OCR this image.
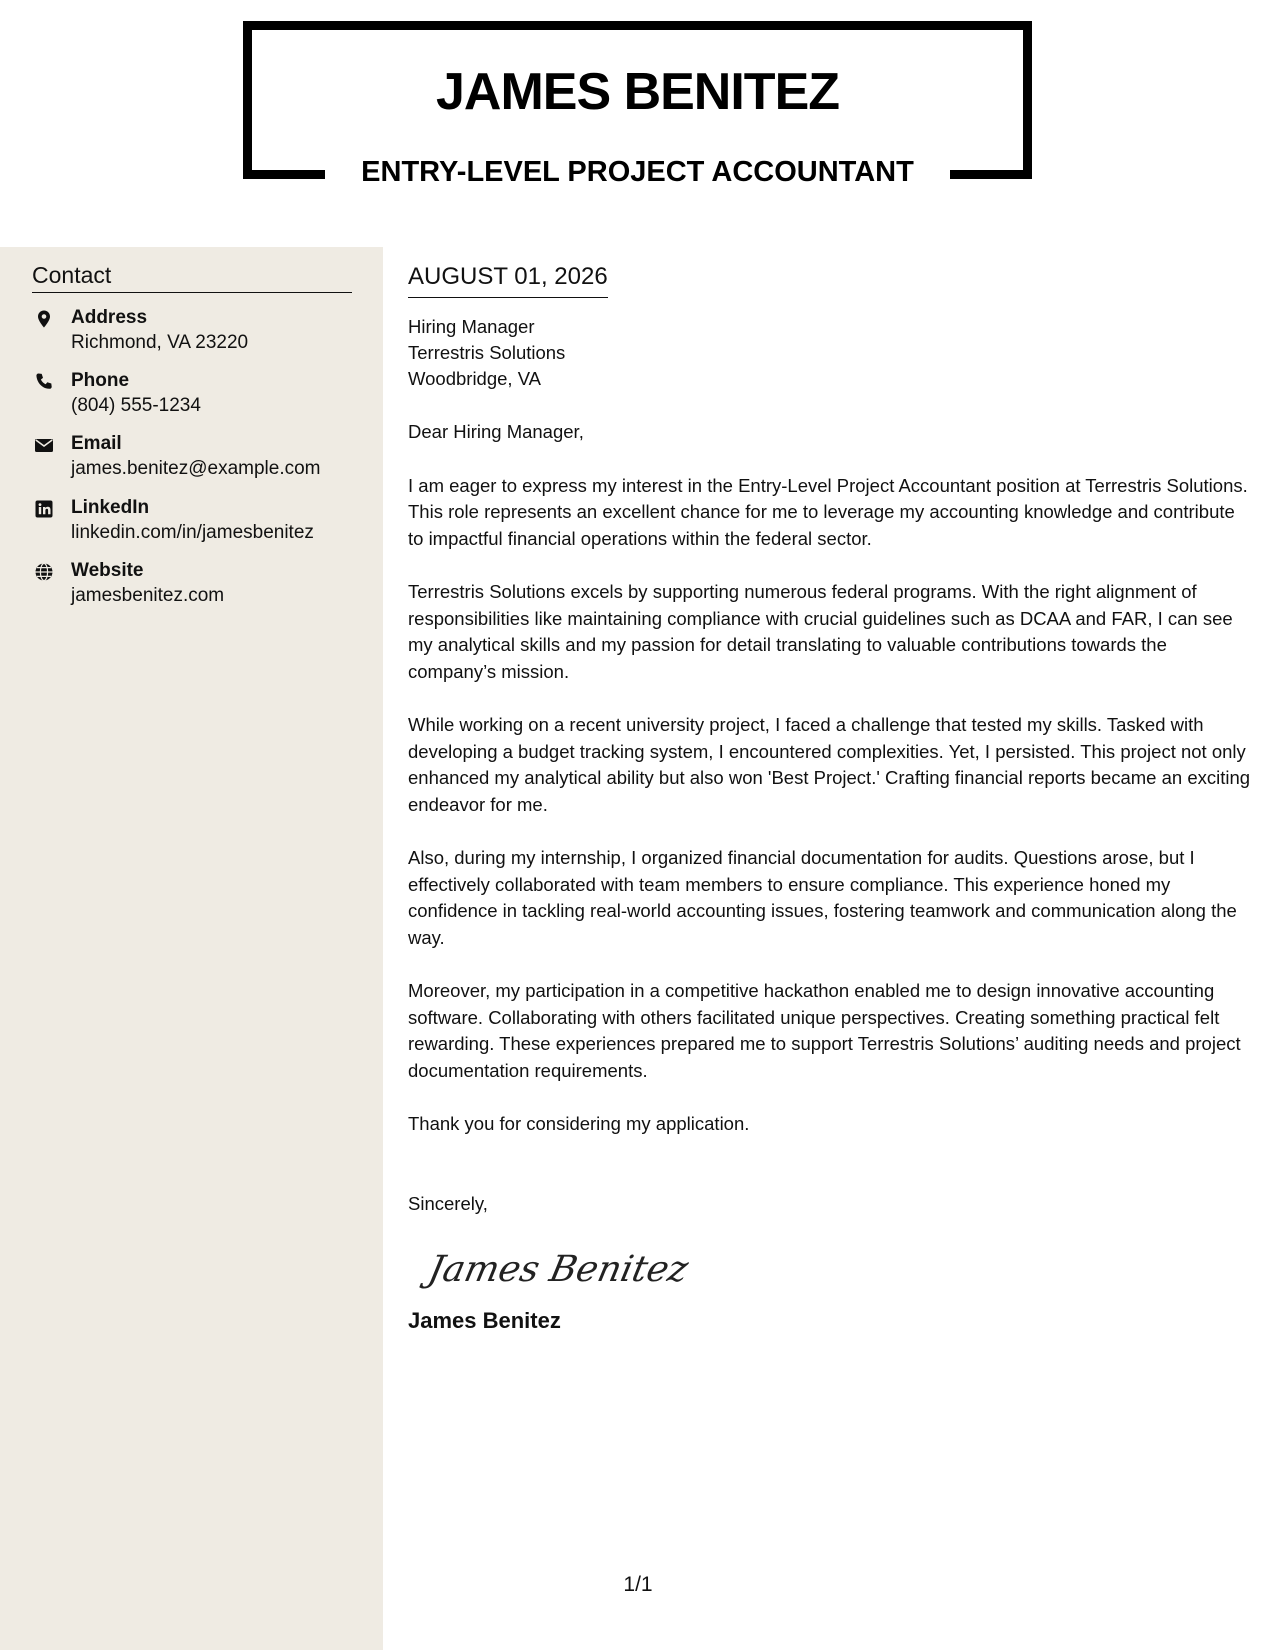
JAMES BENITEZ
ENTRY-LEVEL PROJECT ACCOUNTANT
Contact
Address
Richmond, VA 23220
Phone
(804) 555-1234
Email
james.benitez@example.com
LinkedIn
linkedin.com/in/jamesbenitez
Website
jamesbenitez.com
AUGUST 01, 2026
Hiring Manager
Terrestris Solutions
Woodbridge, VA

Dear Hiring Manager,

I am eager to express my interest in the Entry-Level Project Accountant position at Terrestris Solutions. This role represents an excellent chance for me to leverage my accounting knowledge and contribute to impactful financial operations within the federal sector.

Terrestris Solutions excels by supporting numerous federal programs. With the right alignment of responsibilities like maintaining compliance with crucial guidelines such as DCAA and FAR, I can see my analytical skills and my passion for detail translating to valuable contributions towards the company’s mission.

While working on a recent university project, I faced a challenge that tested my skills. Tasked with developing a budget tracking system, I encountered complexities. Yet, I persisted. This project not only enhanced my analytical ability but also won 'Best Project.' Crafting financial reports became an exciting endeavor for me.

Also, during my internship, I organized financial documentation for audits. Questions arose, but I effectively collaborated with team members to ensure compliance. This experience honed my confidence in tackling real-world accounting issues, fostering teamwork and communication along the way.

Moreover, my participation in a competitive hackathon enabled me to design innovative accounting software. Collaborating with others facilitated unique perspectives. Creating something practical felt rewarding. These experiences prepared me to support Terrestris Solutions’ auditing needs and project documentation requirements.

Thank you for considering my application.

Sincerely,

James Benitez

James Benitez

1/1
